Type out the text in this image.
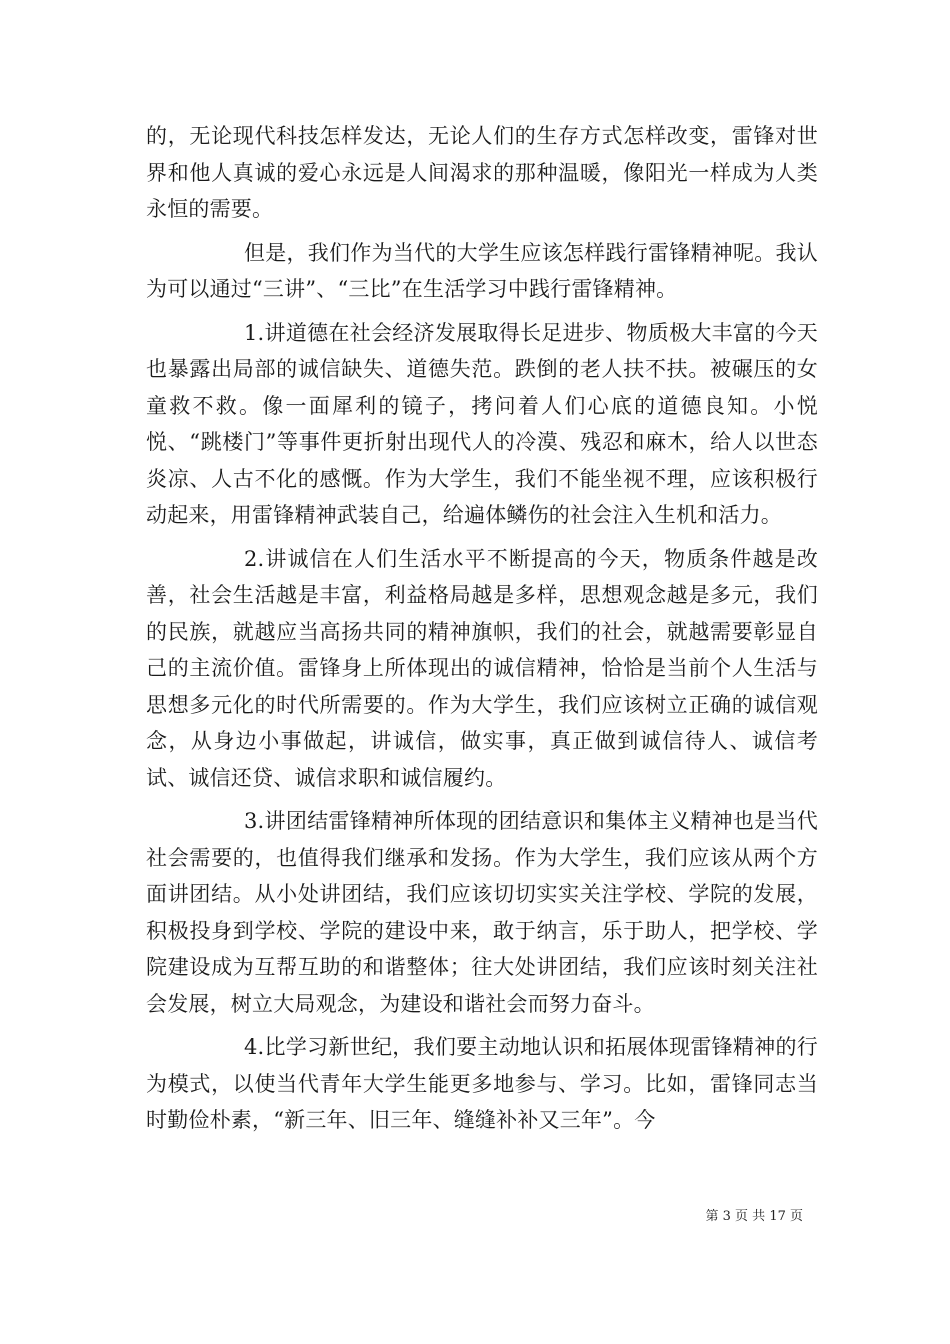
的，无论现代科技怎样发达，无论人们的生存方式怎样改变，雷锋对世界和他人真诚的爱心永远是人间渴求的那种温暖，像阳光一样成为人类永恒的需要。

但是，我们作为当代的大学生应该怎样践行雷锋精神呢。我认为可以通过“三讲”、“三比”在生活学习中践行雷锋精神。

1.讲道德在社会经济发展取得长足进步、物质极大丰富的今天也暴露出局部的诚信缺失、道德失范。跌倒的老人扶不扶。被碾压的女童救不救。像一面犀利的镜子，拷问着人们心底的道德良知。小悦悦、“跳楼门”等事件更折射出现代人的冷漠、残忍和麻木，给人以世态炎凉、人古不化的感慨。作为大学生，我们不能坐视不理，应该积极行动起来，用雷锋精神武装自己，给遍体鳞伤的社会注入生机和活力。

2.讲诚信在人们生活水平不断提高的今天，物质条件越是改善，社会生活越是丰富，利益格局越是多样，思想观念越是多元，我们的民族，就越应当高扬共同的精神旗帜，我们的社会，就越需要彰显自己的主流价值。雷锋身上所体现出的诚信精神，恰恰是当前个人生活与思想多元化的时代所需要的。作为大学生，我们应该树立正确的诚信观念，从身边小事做起，讲诚信，做实事，真正做到诚信待人、诚信考试、诚信还贷、诚信求职和诚信履约。

3.讲团结雷锋精神所体现的团结意识和集体主义精神也是当代社会需要的，也值得我们继承和发扬。作为大学生，我们应该从两个方面讲团结。从小处讲团结，我们应该切切实实关注学校、学院的发展，积极投身到学校、学院的建设中来，敢于纳言，乐于助人，把学校、学院建设成为互帮互助的和谐整体；往大处讲团结，我们应该时刻关注社会发展，树立大局观念，为建设和谐社会而努力奋斗。

4.比学习新世纪，我们要主动地认识和拓展体现雷锋精神的行为模式，以使当代青年大学生能更多地参与、学习。比如，雷锋同志当时勤俭朴素，“新三年、旧三年、缝缝补补又三年”。今

第 3 页 共 17 页
